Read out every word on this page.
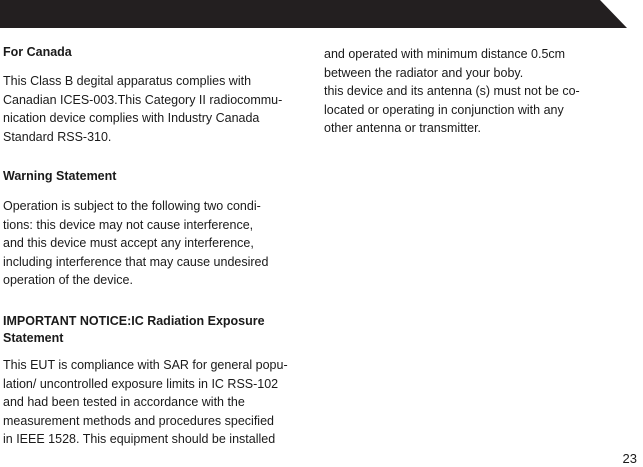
For Canada

This Class B degital apparatus complies with
Canadian ICES-003.This Category II radiocommu-
nication device complies with Industry Canada
Standard RSS-310.

Warning Statement

Operation is subject to the following two condi-
tions: this device may not cause interference,
and this device must accept any interference,
including interference that may cause undesired
operation of the device.

IMPORTANT NOTICE:IC Radiation Exposure
Statement

This EUT is compliance with SAR for general popu-
lation/ uncontrolled exposure limits in IC RSS-102
and had been tested in accordance with the
measurement methods and procedures specified
in IEEE 1528. This equipment should be installed

and operated with minimum distance 0.5cm
between the radiator and your boby.
this device and its antenna (s) must not be co-
located or operating in conjunction with any
other antenna or transmitter.

23
